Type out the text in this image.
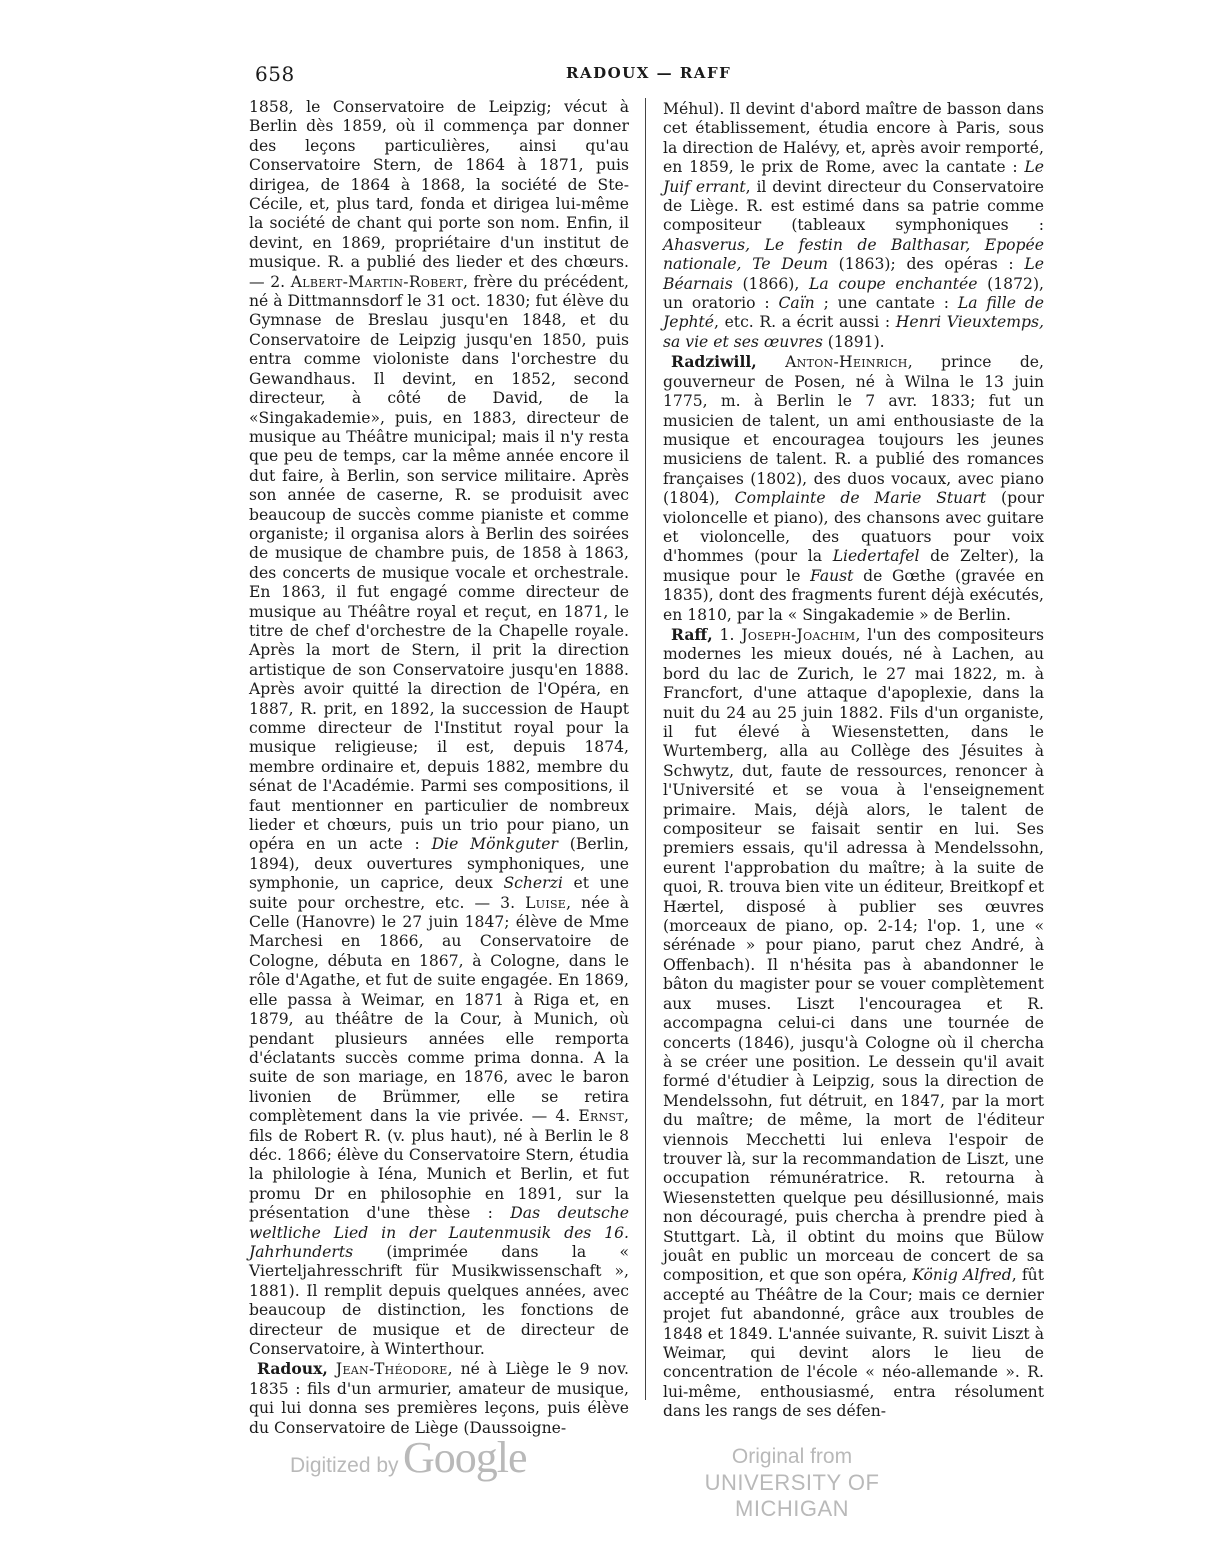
658	RADOUX — RAFF

1858, le Conservatoire de Leipzig; vécut à Berlin dès 1859, où il commença par donner des leçons particulières, ainsi qu'au Conservatoire Stern, de 1864 à 1871, puis dirigea, de 1864 à 1868, la société de Ste-Cécile, et, plus tard, fonda et dirigea lui-même la société de chant qui porte son nom. Enfin, il devint, en 1869, propriétaire d'un institut de musique. R. a publié des lieder et des chœurs. — 2. Albert-Martin-Robert, frère du précédent, né à Dittmannsdorf le 31 oct. 1830; fut élève du Gymnase de Breslau jusqu'en 1848, et du Conservatoire de Leipzig jusqu'en 1850, puis entra comme violoniste dans l'orchestre du Gewandhaus. Il devint, en 1852, second directeur, à côté de David, de la «Singakademie», puis, en 1883, directeur de musique au Théâtre municipal; mais il n'y resta que peu de temps, car la même année encore il dut faire, à Berlin, son service militaire. Après son année de caserne, R. se produisit avec beaucoup de succès comme pianiste et comme organiste; il organisa alors à Berlin des soirées de musique de chambre puis, de 1858 à 1863, des concerts de musique vocale et orchestrale. En 1863, il fut engagé comme directeur de musique au Théâtre royal et reçut, en 1871, le titre de chef d'orchestre de la Chapelle royale. Après la mort de Stern, il prit la direction artistique de son Conservatoire jusqu'en 1888. Après avoir quitté la direction de l'Opéra, en 1887, R. prit, en 1892, la succession de Haupt comme directeur de l'Institut royal pour la musique religieuse; il est, depuis 1874, membre ordinaire et, depuis 1882, membre du sénat de l'Académie. Parmi ses compositions, il faut mentionner en particulier de nombreux lieder et chœurs, puis un trio pour piano, un opéra en un acte : Die Mönkguter (Berlin, 1894), deux ouvertures symphoniques, une symphonie, un caprice, deux Scherzi et une suite pour orchestre, etc. — 3. Luise, née à Celle (Hanovre) le 27 juin 1847; élève de Mme Marchesi en 1866, au Conservatoire de Cologne, débuta en 1867, à Cologne, dans le rôle d'Agathe, et fut de suite engagée. En 1869, elle passa à Weimar, en 1871 à Riga et, en 1879, au théâtre de la Cour, à Munich, où pendant plusieurs années elle remporta d'éclatants succès comme prima donna. A la suite de son mariage, en 1876, avec le baron livonien de Brümmer, elle se retira complètement dans la vie privée. — 4. Ernst, fils de Robert R. (v. plus haut), né à Berlin le 8 déc. 1866; élève du Conservatoire Stern, étudia la philologie à Iéna, Munich et Berlin, et fut promu Dr en philosophie en 1891, sur la présentation d'une thèse : Das deutsche weltliche Lied in der Lautenmusik des 16. Jahrhunderts (imprimée dans la « Vierteljahresschrift für Musikwissenschaft », 1881). Il remplit depuis quelques années, avec beaucoup de distinction, les fonctions de directeur de musique et de directeur de Conservatoire, à Winterthour.

Radoux, Jean-Théodore, né à Liège le 9 nov. 1835 : fils d'un armurier, amateur de musique, qui lui donna ses premières leçons, puis élève du Conservatoire de Liège (Daussoigne-

Méhul). Il devint d'abord maître de basson dans cet établissement, étudia encore à Paris, sous la direction de Halévy, et, après avoir remporté, en 1859, le prix de Rome, avec la cantate : Le Juif errant, il devint directeur du Conservatoire de Liège. R. est estimé dans sa patrie comme compositeur (tableaux symphoniques : Ahasverus, Le festin de Balthasar, Epopée nationale, Te Deum (1863); des opéras : Le Béarnais (1866), La coupe enchantée (1872), un oratorio : Caïn ; une cantate : La fille de Jephté, etc. R. a écrit aussi : Henri Vieuxtemps, sa vie et ses œuvres (1891).

Radziwill, Anton-Heinrich, prince de, gouverneur de Posen, né à Wilna le 13 juin 1775, m. à Berlin le 7 avr. 1833; fut un musicien de talent, un ami enthousiaste de la musique et encouragea toujours les jeunes musiciens de talent. R. a publié des romances françaises (1802), des duos vocaux, avec piano (1804), Complainte de Marie Stuart (pour violoncelle et piano), des chansons avec guitare et violoncelle, des quatuors pour voix d'hommes (pour la Liedertafel de Zelter), la musique pour le Faust de Gœthe (gravée en 1835), dont des fragments furent déjà exécutés, en 1810, par la « Singakademie » de Berlin.

Raff, 1. Joseph-Joachim, l'un des compositeurs modernes les mieux doués, né à Lachen, au bord du lac de Zurich, le 27 mai 1822, m. à Francfort, d'une attaque d'apoplexie, dans la nuit du 24 au 25 juin 1882. Fils d'un organiste, il fut élevé à Wiesenstetten, dans le Wurtemberg, alla au Collège des Jésuites à Schwytz, dut, faute de ressources, renoncer à l'Université et se voua à l'enseignement primaire. Mais, déjà alors, le talent de compositeur se faisait sentir en lui. Ses premiers essais, qu'il adressa à Mendelssohn, eurent l'approbation du maître; à la suite de quoi, R. trouva bien vite un éditeur, Breitkopf et Hærtel, disposé à publier ses œuvres (morceaux de piano, op. 2-14; l'op. 1, une « sérénade » pour piano, parut chez André, à Offenbach). Il n'hésita pas à abandonner le bâton du magister pour se vouer complètement aux muses. Liszt l'encouragea et R. accompagna celui-ci dans une tournée de concerts (1846), jusqu'à Cologne où il chercha à se créer une position. Le dessein qu'il avait formé d'étudier à Leipzig, sous la direction de Mendelssohn, fut détruit, en 1847, par la mort du maître; de même, la mort de l'éditeur viennois Mecchetti lui enleva l'espoir de trouver là, sur la recommandation de Liszt, une occupation rémunératrice. R. retourna à Wiesenstetten quelque peu désillusionné, mais non découragé, puis chercha à prendre pied à Stuttgart. Là, il obtint du moins que Bülow jouât en public un morceau de concert de sa composition, et que son opéra, König Alfred, fût accepté au Théâtre de la Cour; mais ce dernier projet fut abandonné, grâce aux troubles de 1848 et 1849. L'année suivante, R. suivit Liszt à Weimar, qui devint alors le lieu de concentration de l'école « néo-allemande ». R. lui-même, enthousiasmé, entra résolument dans les rangs de ses défen-

Digitized by Google	Original from
UNIVERSITY OF MICHIGAN
